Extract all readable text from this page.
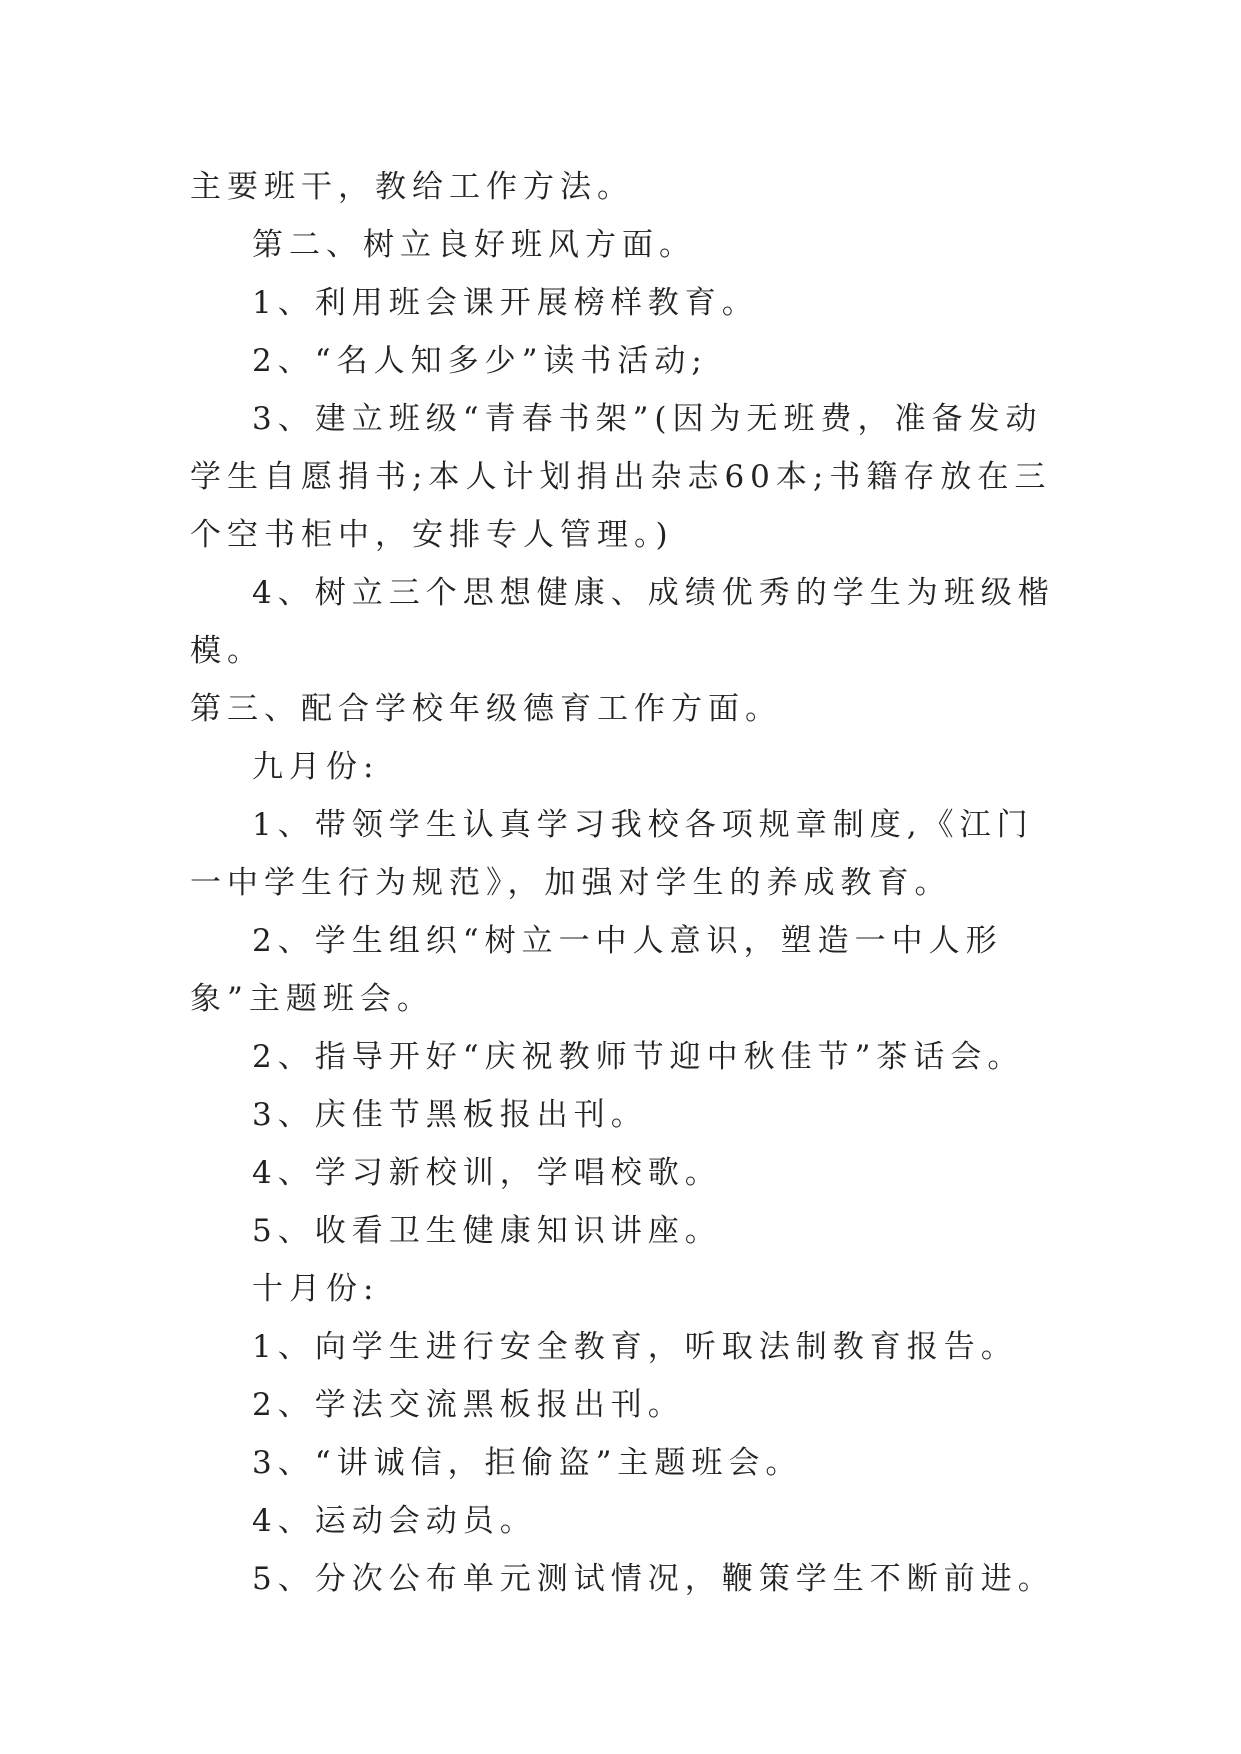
主要班干，教给工作方法。

第二、树立良好班风方面。

1、利用班会课开展榜样教育。

2、“名人知多少”读书活动;

3、建立班级“青春书架”(因为无班费，准备发动学生自愿捐书;本人计划捐出杂志60本;书籍存放在三个空书柜中，安排专人管理。)

4、树立三个思想健康、成绩优秀的学生为班级楷模。

第三、配合学校年级德育工作方面。

九月份:

1、带领学生认真学习我校各项规章制度,《江门一中学生行为规范》，加强对学生的养成教育。

2、学生组织“树立一中人意识，塑造一中人形象”主题班会。

2、指导开好“庆祝教师节迎中秋佳节”茶话会。

3、庆佳节黑板报出刊。

4、学习新校训，学唱校歌。

5、收看卫生健康知识讲座。

十月份:

1、向学生进行安全教育，听取法制教育报告。

2、学法交流黑板报出刊。

3、“讲诚信，拒偷盗”主题班会。

4、运动会动员。

5、分次公布单元测试情况，鞭策学生不断前进。
